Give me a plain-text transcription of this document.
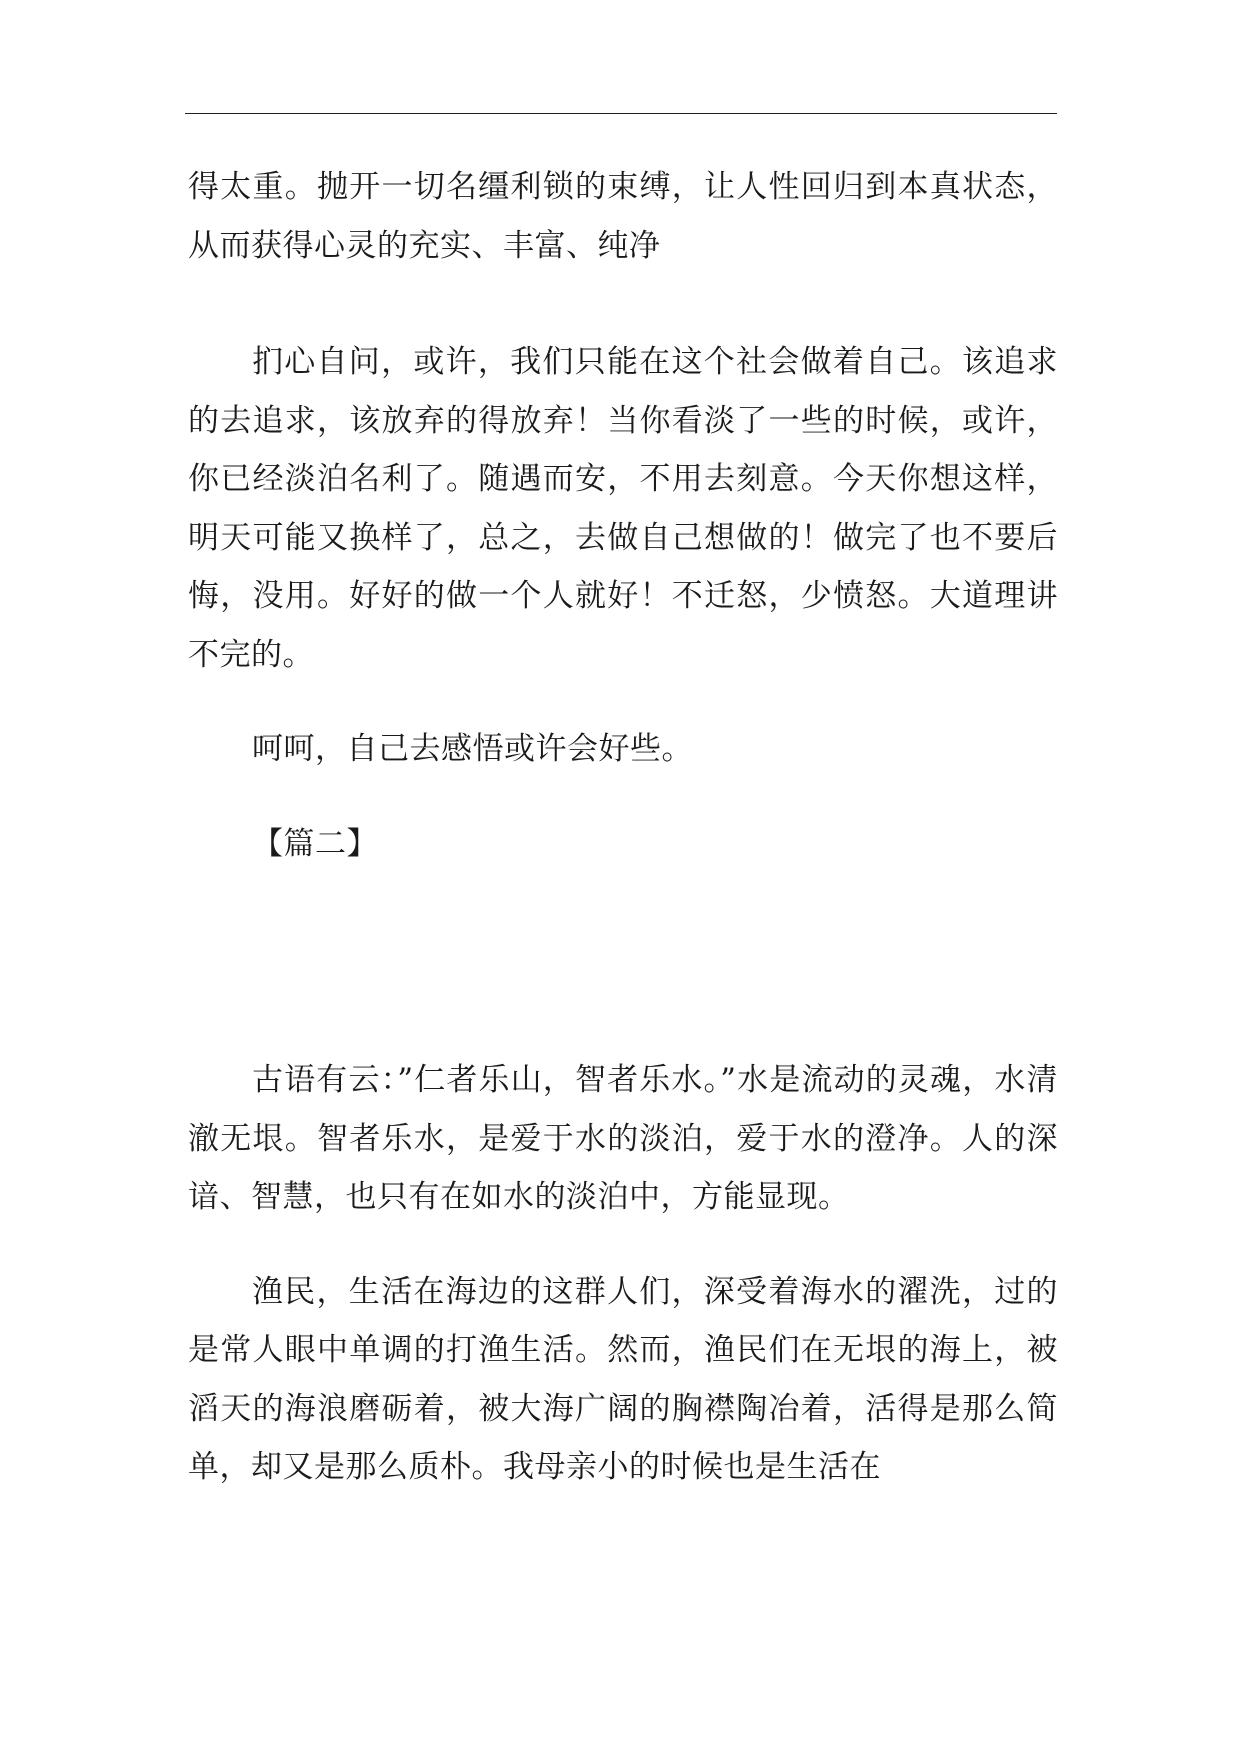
得太重。抛开一切名缰利锁的束缚，让人性回归到本真状态，从而获得心灵的充实、丰富、纯净

扪心自问，或许，我们只能在这个社会做着自己。该追求的去追求，该放弃的得放弃！当你看淡了一些的时候，或许，你已经淡泊名利了。随遇而安，不用去刻意。今天你想这样，明天可能又换样了，总之，去做自己想做的！做完了也不要后悔，没用。好好的做一个人就好！不迁怒，少愤怒。大道理讲不完的。

呵呵，自己去感悟或许会好些。

【篇二】

古语有云：”仁者乐山，智者乐水。”水是流动的灵魂，水清澈无垠。智者乐水，是爱于水的淡泊，爱于水的澄净。人的深谙、智慧，也只有在如水的淡泊中，方能显现。

渔民，生活在海边的这群人们，深受着海水的濯洗，过的是常人眼中单调的打渔生活。然而，渔民们在无垠的海上，被滔天的海浪磨砺着，被大海广阔的胸襟陶冶着，活得是那么简单，却又是那么质朴。我母亲小的时候也是生活在
